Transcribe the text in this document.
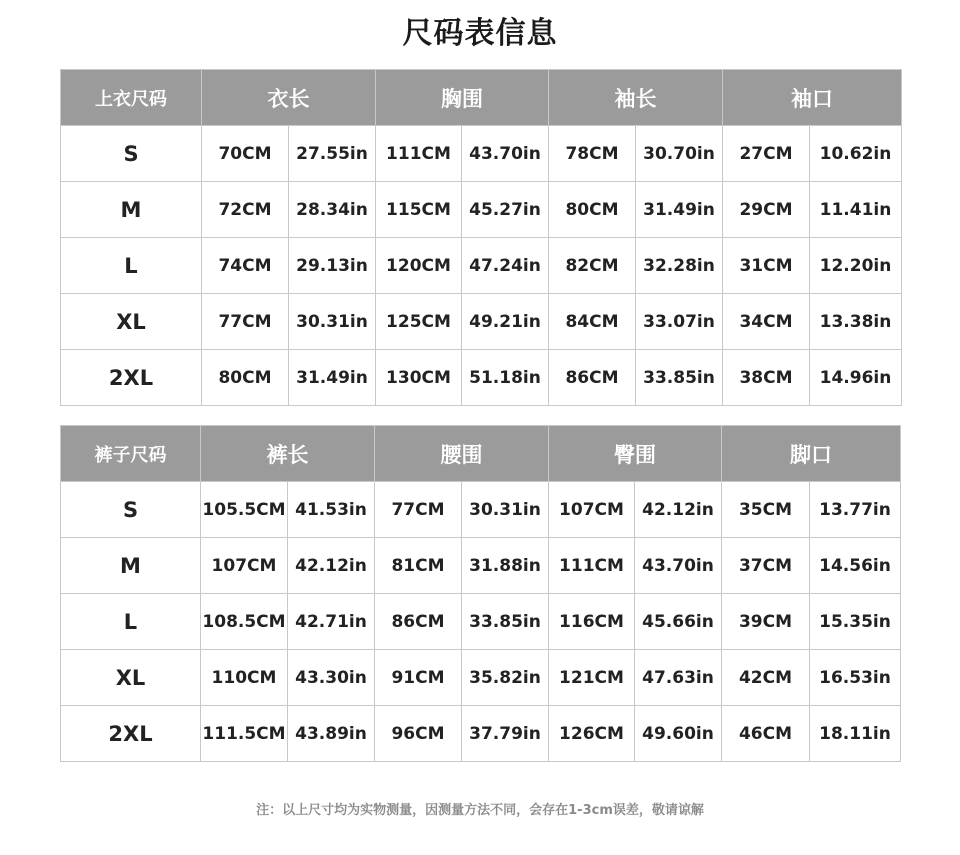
尺码表信息
上衣尺码	衣长		胸围		袖长		袖口	
S	70CM	27.55in	111CM	43.70in	78CM	30.70in	27CM	10.62in
M	72CM	28.34in	115CM	45.27in	80CM	31.49in	29CM	11.41in
L	74CM	29.13in	120CM	47.24in	82CM	32.28in	31CM	12.20in
XL	77CM	30.31in	125CM	49.21in	84CM	33.07in	34CM	13.38in
2XL	80CM	31.49in	130CM	51.18in	86CM	33.85in	38CM	14.96in
裤子尺码	裤长		腰围		臀围		脚口	
S	105.5CM	41.53in	77CM	30.31in	107CM	42.12in	35CM	13.77in
M	107CM	42.12in	81CM	31.88in	111CM	43.70in	37CM	14.56in
L	108.5CM	42.71in	86CM	33.85in	116CM	45.66in	39CM	15.35in
XL	110CM	43.30in	91CM	35.82in	121CM	47.63in	42CM	16.53in
2XL	111.5CM	43.89in	96CM	37.79in	126CM	49.60in	46CM	18.11in
注：以上尺寸均为实物测量，因测量方法不同，会存在1-3cm误差，敬请谅解
